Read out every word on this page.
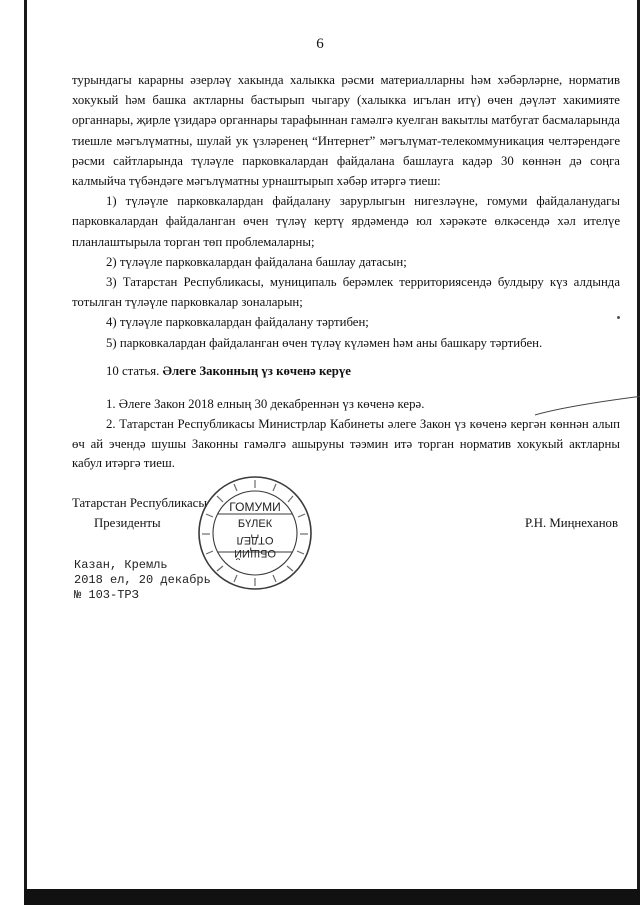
6

турындагы карарны әзерләү хакында халыкка рәсми материалларны һәм хәбәрләрне, норматив хокукый һәм башка актларны бастырып чыгару (халыкка игълан итү) өчен дәүләт хакимияте органнары, җирле үзидарә органнары тарафыннан гамәлгә куелган вакытлы матбугат басмаларында тиешле мәгълүматны, шулай ук үзләренең “Интернет” мәгълүмат-телекоммуникация челтәрендәге рәсми сайтларында түләүле парковкалардан файдалана башлауга кадәр 30 көннән дә соңга калмыйча түбәндәге мәгълүматны урнаштырып хәбәр итәргә тиеш:

1) түләүле парковкалардан файдалану зарурлыгын нигезләүне, гомуми файдаланудагы парковкалардан файдаланган өчен түләү кертү ярдәмендә юл хәрәкәте өлкәсендә хәл ителүе планлаштырыла торган төп проблемаларны;

2) түләүле парковкалардан файдалана башлау датасын;

3) Татарстан Республикасы, муниципаль берәмлек территориясендә булдыру күз алдында тотылган түләүле парковкалар зоналарын;

4) түләүле парковкалардан файдалану тәртибен;

5) парковкалардан файдаланган өчен түләү күләмен һәм аны башкару тәртибен.

10 статья. Әлеге Законның үз көченә керүе

1. Әлеге Закон 2018 елның 30 декабреннән үз көченә керә.

2. Татарстан Республикасы Министрлар Кабинеты әлеге Закон үз көченә кергән көннән алып өч ай эчендә шушы Законны гамәлгә ашыруны тәэмин итә торган норматив хокукый актларны кабул итәргә тиеш.

Татарстан Республикасы
Президенты	Р.Н. Миңнеханов
ГОМУМИ
БҮЛЕК
ОБЩИЙ
ОТДЕЛ
Казан, Кремль
2018 ел, 20 декабрь
№ 103-ТРЗ
